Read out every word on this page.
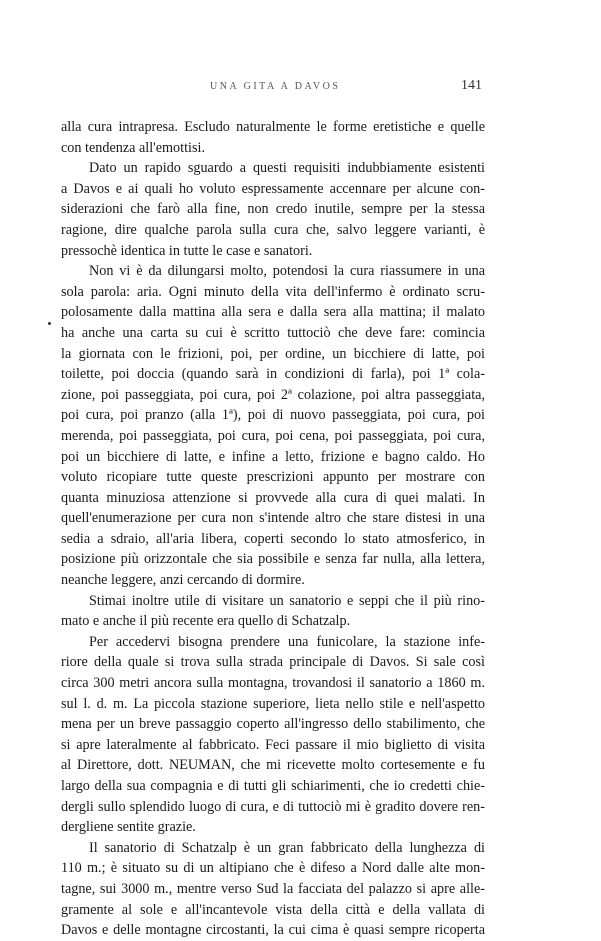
UNA GITA A DAVOS	141
alla cura intrapresa. Escludo naturalmente le forme eretistiche e quelle
con tendenza all'emottisi.
Dato un rapido sguardo a questi requisiti indubbiamente esistenti
a Davos e ai quali ho voluto espressamente accennare per alcune con-
siderazioni che farò alla fine, non credo inutile, sempre per la stessa
ragione, dire qualche parola sulla cura che, salvo leggere varianti, è
pressochè identica in tutte le case e sanatori.
Non vi è da dilungarsi molto, potendosi la cura riassumere in una
sola parola: aria. Ogni minuto della vita dell'infermo è ordinato scru-
polosamente dalla mattina alla sera e dalla sera alla mattina; il malato
ha anche una carta su cui è scritto tuttociò che deve fare: comincia
la giornata con le frizioni, poi, per ordine, un bicchiere di latte, poi
toilette, poi doccia (quando sarà in condizioni di farla), poi 1ª cola-
zione, poi passeggiata, poi cura, poi 2ª colazione, poi altra passeggiata,
poi cura, poi pranzo (alla 1ª), poi di nuovo passeggiata, poi cura, poi
merenda, poi passeggiata, poi cura, poi cena, poi passeggiata, poi cura,
poi un bicchiere di latte, e infine a letto, frizione e bagno caldo. Ho
voluto ricopiare tutte queste prescrizioni appunto per mostrare con
quanta minuziosa attenzione si provvede alla cura di quei malati. In
quell'enumerazione per cura non s'intende altro che stare distesi in una
sedia a sdraio, all'aria libera, coperti secondo lo stato atmosferico, in
posizione più orizzontale che sia possibile e senza far nulla, alla lettera,
neanche leggere, anzi cercando di dormire.
Stimai inoltre utile di visitare un sanatorio e seppi che il più rino-
mato e anche il più recente era quello di Schatzalp.
Per accedervi bisogna prendere una funicolare, la stazione infe-
riore della quale si trova sulla strada principale di Davos. Si sale così
circa 300 metri ancora sulla montagna, trovandosi il sanatorio a 1860 m.
sul l. d. m. La piccola stazione superiore, lieta nello stile e nell'aspetto
mena per un breve passaggio coperto all'ingresso dello stabilimento, che
si apre lateralmente al fabbricato. Feci passare il mio biglietto di visita
al Direttore, dott. NEUMAN, che mi ricevette molto cortesemente e fu
largo della sua compagnia e di tutti gli schiarimenti, che io credetti chie-
dergli sullo splendido luogo di cura, e di tuttociò mi è gradito dovere ren-
dergliene sentite grazie.
Il sanatorio di Schatzalp è un gran fabbricato della lunghezza di
110 m.; è situato su di un altipiano che è difeso a Nord dalle alte mon-
tagne, sui 3000 m., mentre verso Sud la facciata del palazzo si apre alle-
gramente al sole e all'incantevole vista della città e della vallata di
Davos e delle montagne circostanti, la cui cima è quasi sempre ricoperta
